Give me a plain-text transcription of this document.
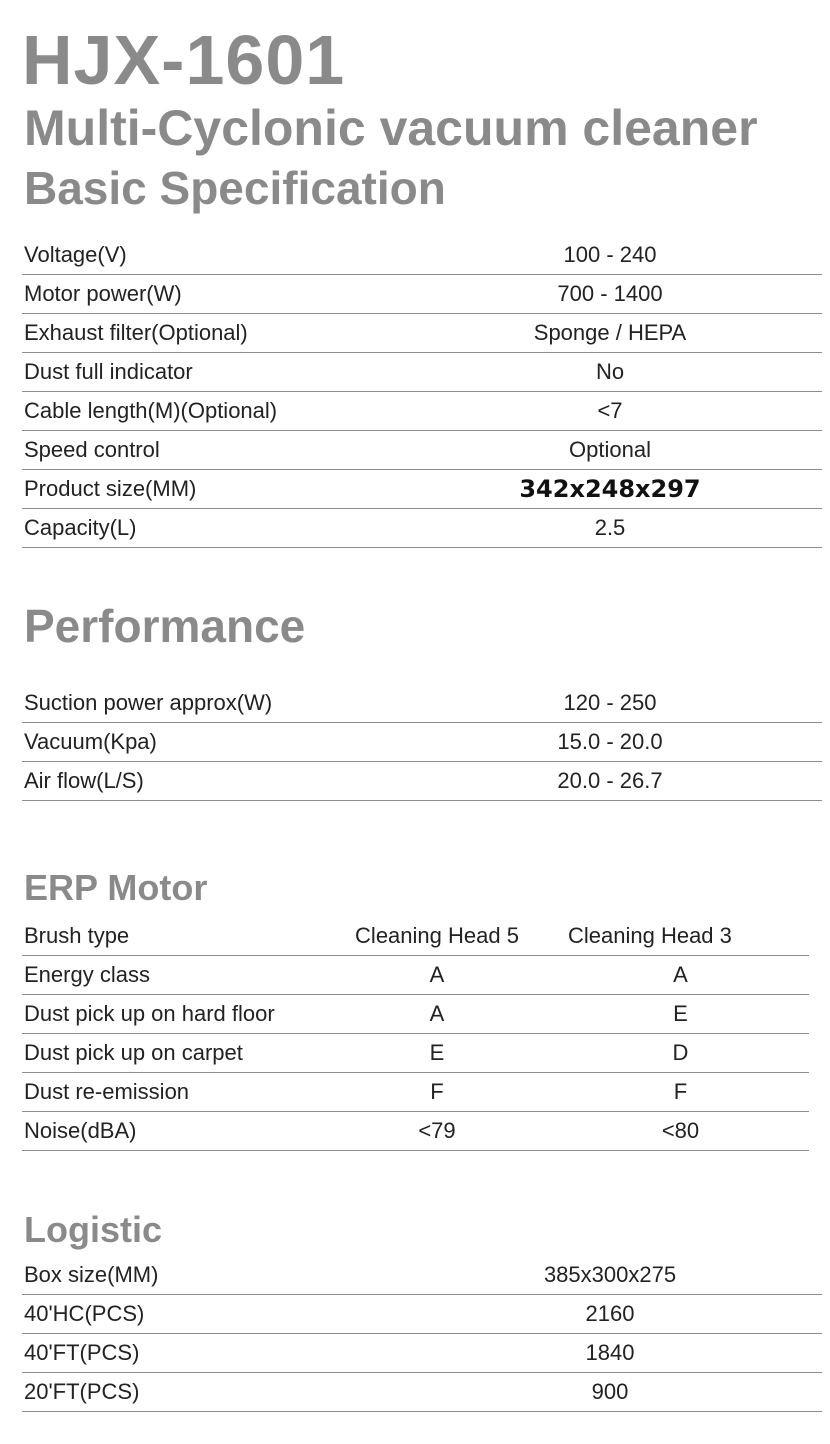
HJX-1601
Multi-Cyclonic vacuum cleaner
Basic Specification
Voltage(V)	100 - 240
Motor power(W)	700 - 1400
Exhaust filter(Optional)	Sponge / HEPA
Dust full indicator	No
Cable length(M)(Optional)	<7
Speed control	Optional
Product size(MM)	342x248x297
Capacity(L)	2.5
Performance
Suction power approx(W)	120 - 250
Vacuum(Kpa)	15.0 - 20.0
Air flow(L/S)	20.0 - 26.7
ERP Motor
Brush type	Cleaning Head 5	Cleaning Head 3
Energy class	A	A
Dust pick up on hard floor	A	E
Dust pick up on carpet	E	D
Dust re-emission	F	F
Noise(dBA)	<79	<80
Logistic
Box size(MM)	385x300x275
40'HC(PCS)	2160
40'FT(PCS)	1840
20'FT(PCS)	900
